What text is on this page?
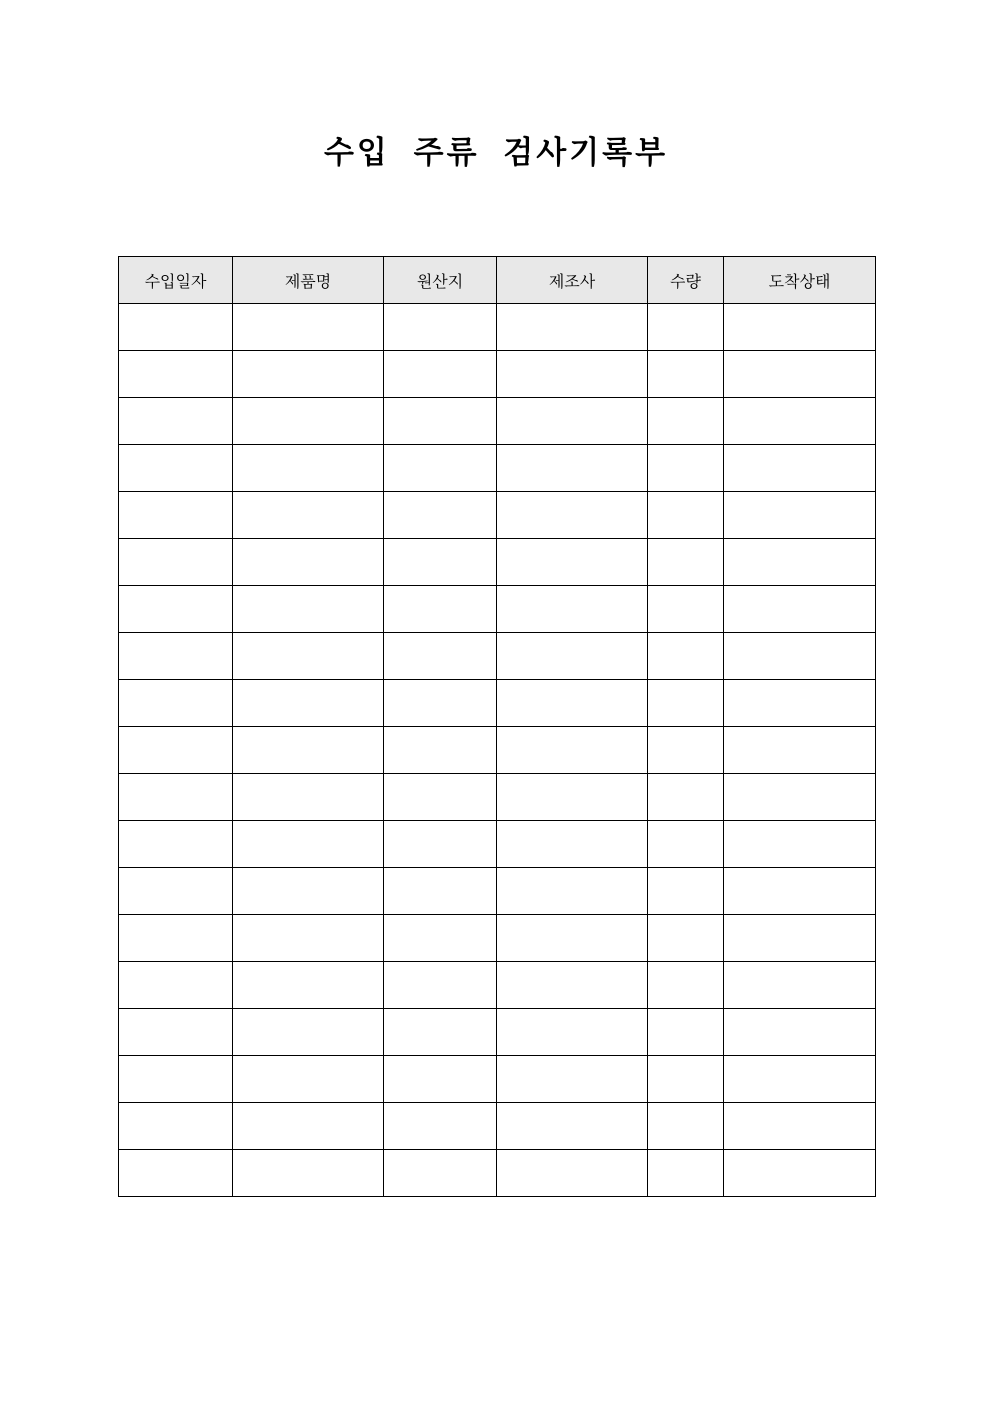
수입 주류 검사기록부
수입일자	제품명	원산지	제조사	수량	도착상태
